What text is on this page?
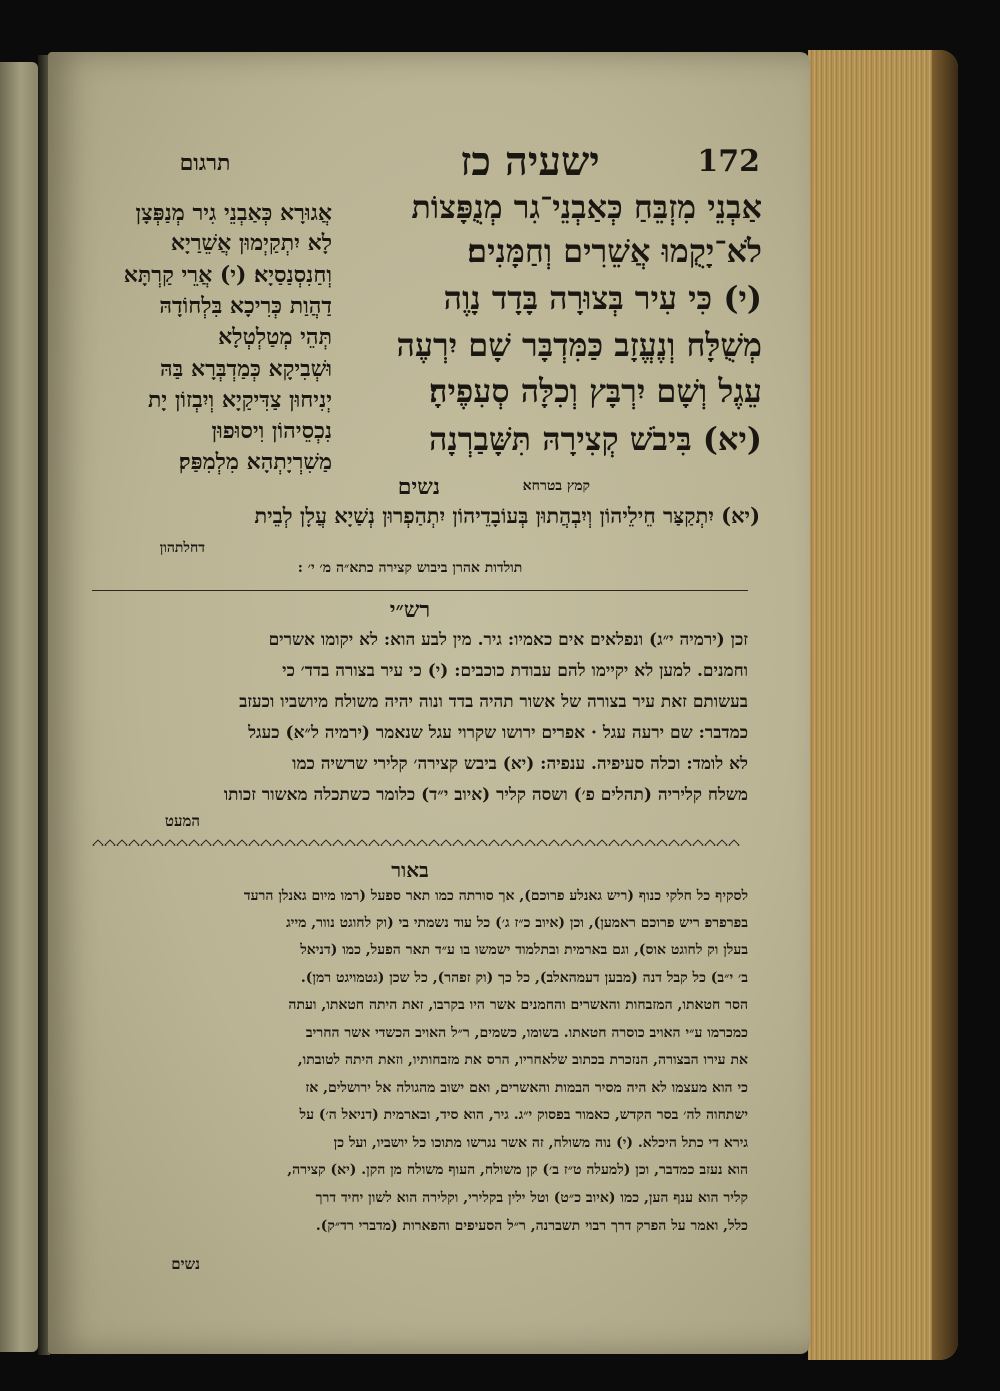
172
ישעיה כז
תרגום
אַבְנֵי מִזְבֵּחַ כְּאַבְנֵי־גִר מְנֻפָּצוֹת
לֹא־יָקֻמוּ אֲשֵׁרִים וְחַמָּנִים׃
(י) כִּי עִיר בְּצוּרָה בָּדָד נָוֶה
מְשֻׁלָּח וְנֶעֱזָב כַּמִּדְבָּר שָׁם יִרְעֶה
עֵגֶל וְשָׁם יִרְבָּץ וְכִלָּה סְעִפֶיהָ׃
(יא) בִּיבֹשׁ קְצִירָהּ תִּשָּׁבַרְנָה
קמץ בטרחא
נשים
אֲגוּרָא כְּאַבְנֵי גִיר מְנַפְּצָן
לָא יִתְקַיְמוּן אֲשֵׁרַיָא
וְחַנִסְנַסַיָא׃ (י) אֲרֵי קַרְתָּא
דַהֲוַת כְּרִיכָא בִּלְחוֹדָהּ
תְּהֵי מְטַלְטְלָא
וּשְׁבִיקָא כְּמַדְבְּרָא בַּהּ
יְנִיחוּן צַדִּיקַיָא וְיִבְזוֹן יָת
נִכְסֵיהוֹן וִיסוּפוּן
מַשִׁרְיָתְהָא מִלְמִפַּק׃
(יא) יִתְקַצַּר חֵילֵיהוֹן וְיִבְהֲתוּן בְּעוֹבָדֵיהוֹן יִתְהַפְרוּן נְשַׁיָא עֲלָן לְבֵית
דחלתהון
תולדות אהרן ביבוש קצירה כתא״ה מ׳ י׳ :
רש״י
זכן (ירמיה י״ג) ונפלאים אים כאמיו: גיר. מין לבע הוא: לא יקומו אשרים
וחמנים. למען לא יקיימו להם עבודת כוכבים: (י) כי עיר בצורה בדד׳ כי
בעשותם זאת עיר בצורה של אשור תהיה בדד ונוה יהיה משולח מיושביו וכעזב
כמדבר: שם ירעה עגל · אפרים ירושו שקרוי עגל שנאמר (ירמיה ל״א) כעגל
לא לומד: וכלה סעיפיה. ענפיה: (יא) ביבש קצירה׳ קלירי שרשיה כמו
משלח קליריה (תהלים פ׳) ושסה קליר (איוב י״ד) כלומר כשתכלה מאשור זכותו
המעט
באור
לסקיף כל חלקי כנוף (ריש גאנלע פרוכם), אך סורתה כמו תאר ספעל (רמו מיום גאנלן הרעד
בפרפרפ ריש פרוכם ראמען), וכן (איוב כ״ז ג׳) כל עוד נשמתי בי (וק לחוגט נוור, מייג
בעלן וק לחוגט אוס), וגם בארמית ובתלמוד ישמשו בו ע״ד תאר הפעל, כמו (דניאל
ב׳ י״ב) כל קבל דנה (מבען דעמהאלב), כל כך (וק זפהר), כל שכן (גטמויגט רמן).
הסר חטאתו, המזבחות והאשרים והחמנים אשר היו בקרבו, זאת היתה חטאתו, ועתה
כמכרמו ע״י האויב כוסרה חטאתו. בשומו, כשמים, ר״ל האויב הכשדי אשר החריב
את עירו הבצורה, הנזכרת בכתוב שלאחריו, הרס את מזבחותיו, וזאת היתה לטובתו,
כי הוא מעצמו לא היה מסיר הבמות והאשרים, ואם ישוב מהגולה אל ירושלים, אז
ישתחוה לה׳ בסר הקדש, כאמור בפסוק י״ג. גיר, הוא סיד, ובארמית (דניאל ה׳) על
גירא די כתל היכלא. (י) נוה משולח, זה אשר נגרשו מתוכו כל יושביו, ועל כן
הוא נעזב כמדבר, וכן (למעלה ט״ז ב׳) קן משולח, העוף משולח מן הקן. (יא) קצירה,
קליר הוא ענף הען, כמו (איוב כ״ט) וטל ילין בקלירי, וקלירה הוא לשון יחיד דרך
כלל, ואמר על הפרק דרך רבוי תשברנה, ר״ל הסעיפים והפארות (מדברי רד״ק).
נשים
